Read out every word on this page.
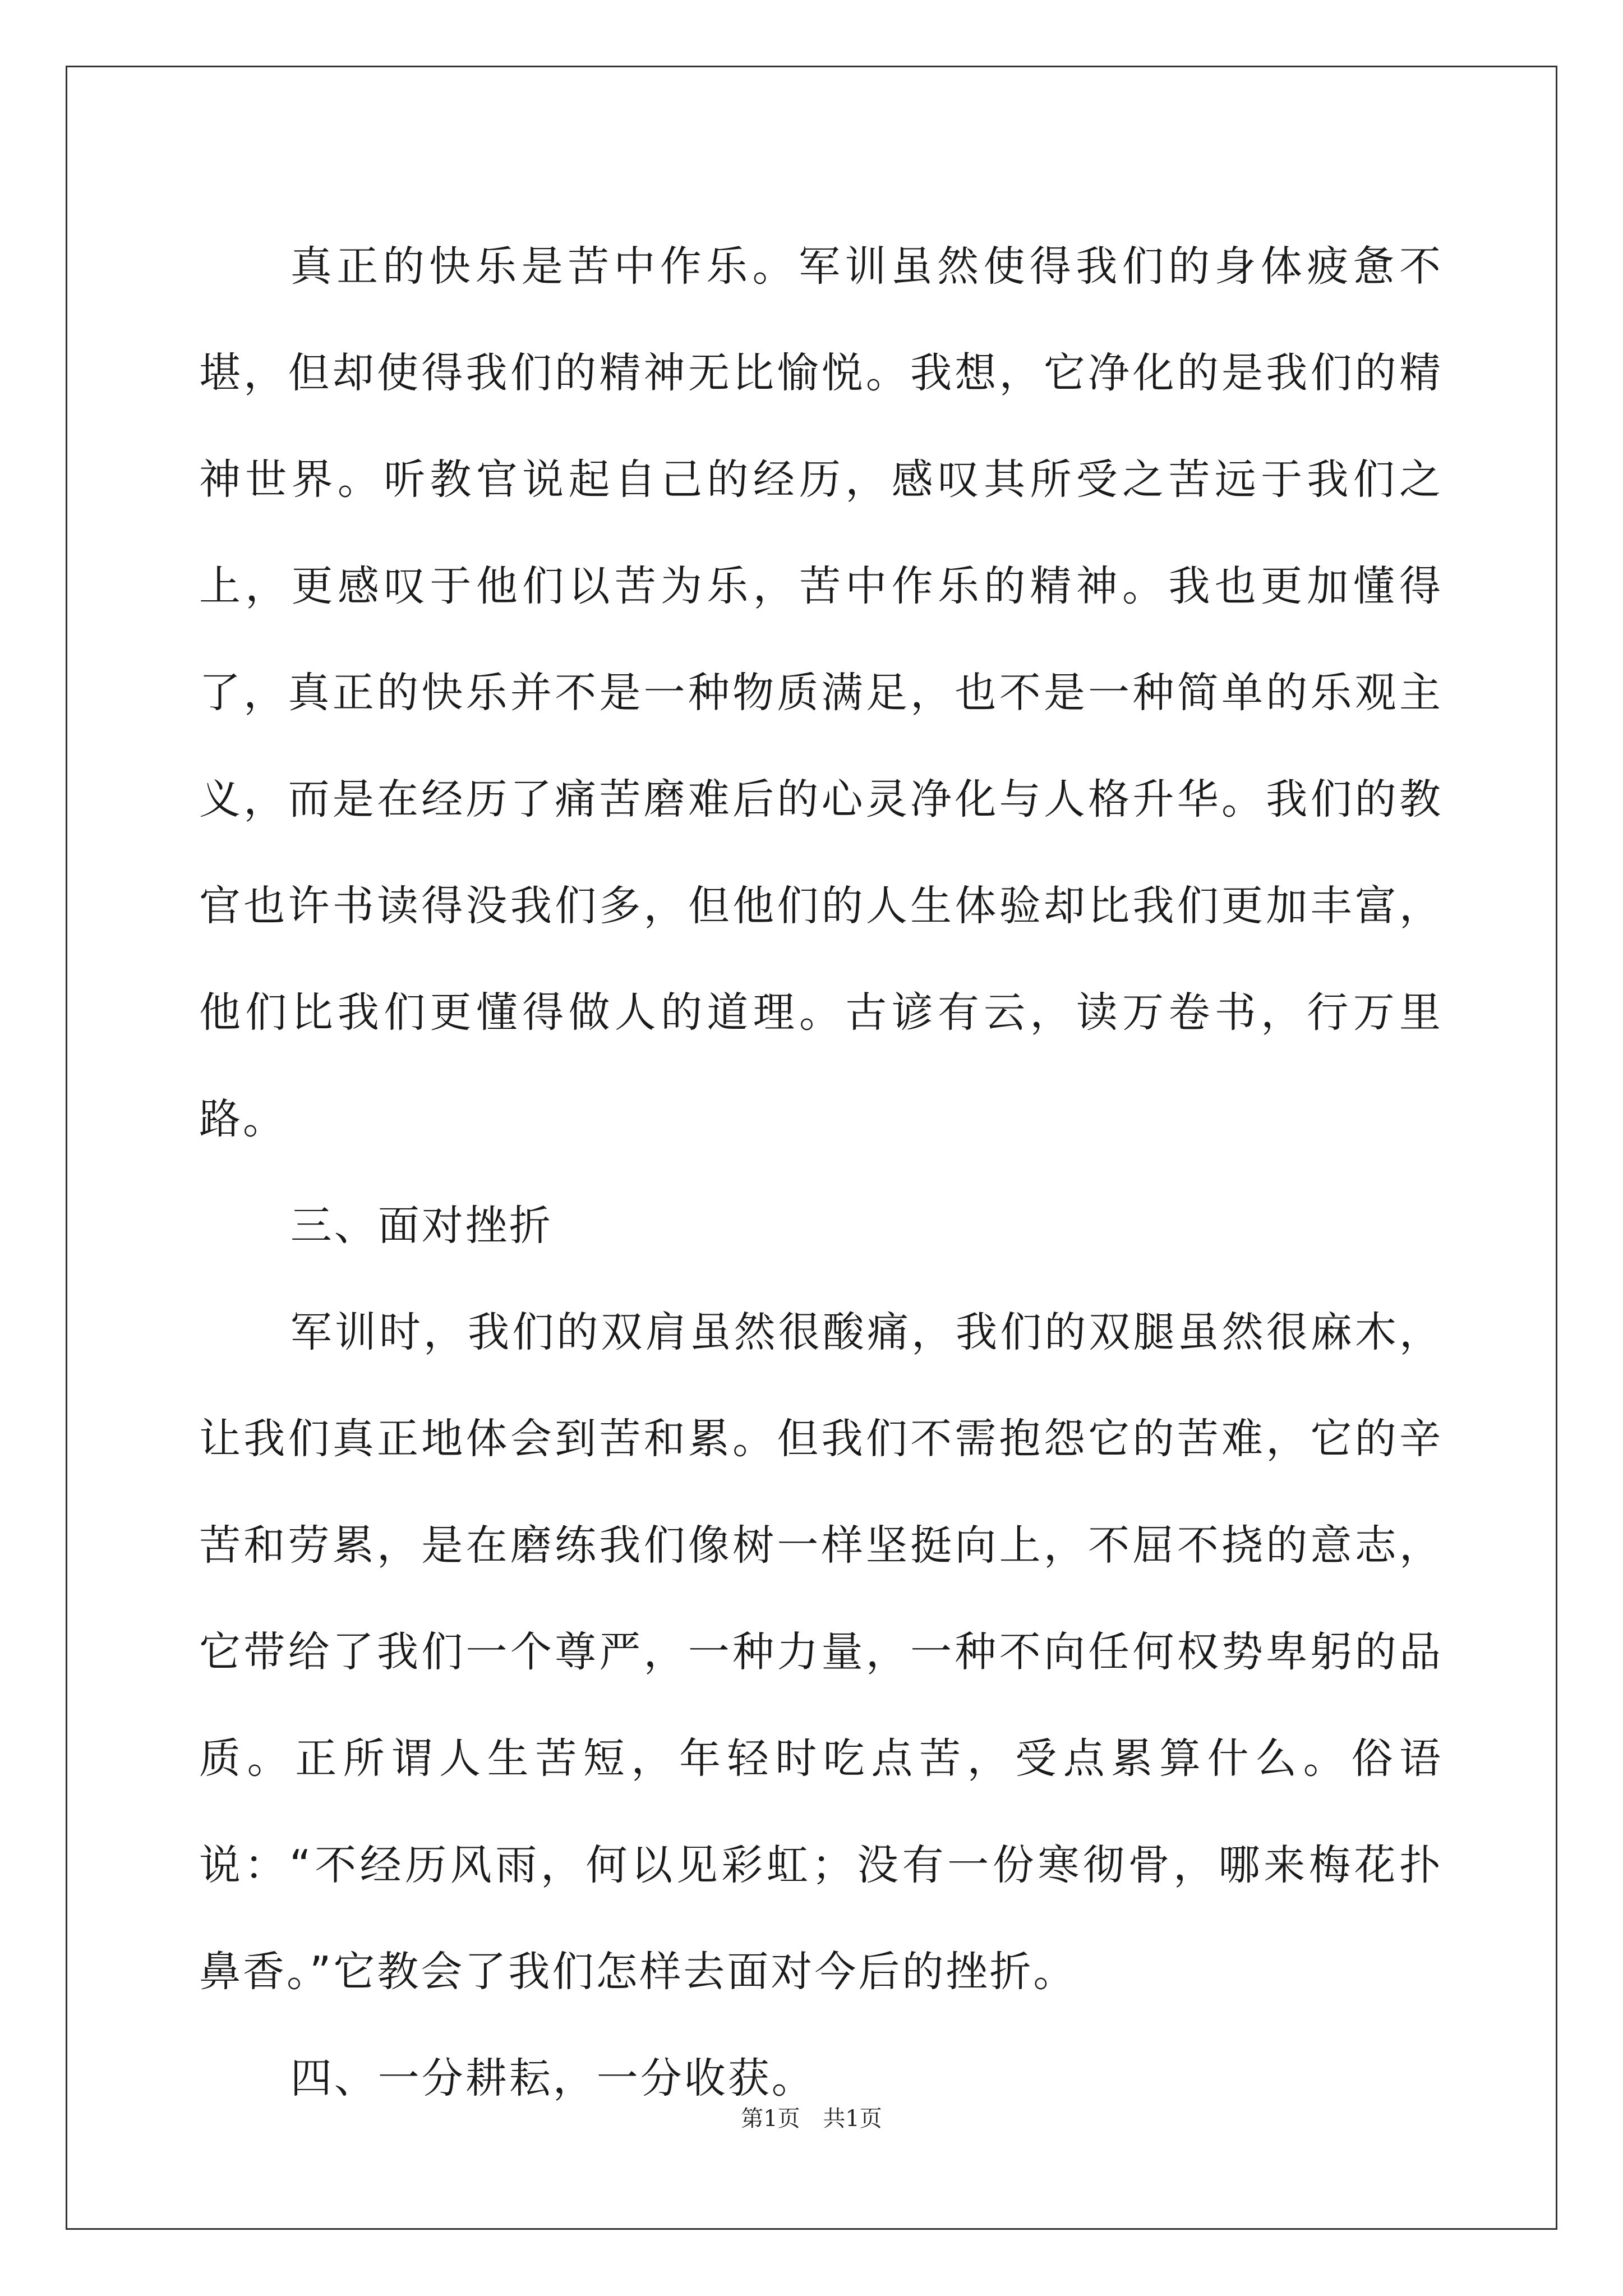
真正的快乐是苦中作乐。军训虽然使得我们的身体疲惫不堪，但却使得我们的精神无比愉悦。我想，它净化的是我们的精神世界。听教官说起自己的经历，感叹其所受之苦远于我们之上，更感叹于他们以苦为乐，苦中作乐的精神。我也更加懂得了，真正的快乐并不是一种物质满足，也不是一种简单的乐观主义，而是在经历了痛苦磨难后的心灵净化与人格升华。我们的教官也许书读得没我们多，但他们的人生体验却比我们更加丰富，他们比我们更懂得做人的道理。古谚有云，读万卷书，行万里路。

三、面对挫折

军训时，我们的双肩虽然很酸痛，我们的双腿虽然很麻木，让我们真正地体会到苦和累。但我们不需抱怨它的苦难，它的辛苦和劳累，是在磨练我们像树一样坚挺向上，不屈不挠的意志，它带给了我们一个尊严，一种力量，一种不向任何权势卑躬的品质。正所谓人生苦短，年轻时吃点苦，受点累算什么。俗语说：“不经历风雨，何以见彩虹；没有一份寒彻骨，哪来梅花扑鼻香。”它教会了我们怎样去面对今后的挫折。

四、一分耕耘，一分收获。

第1页 共1页
